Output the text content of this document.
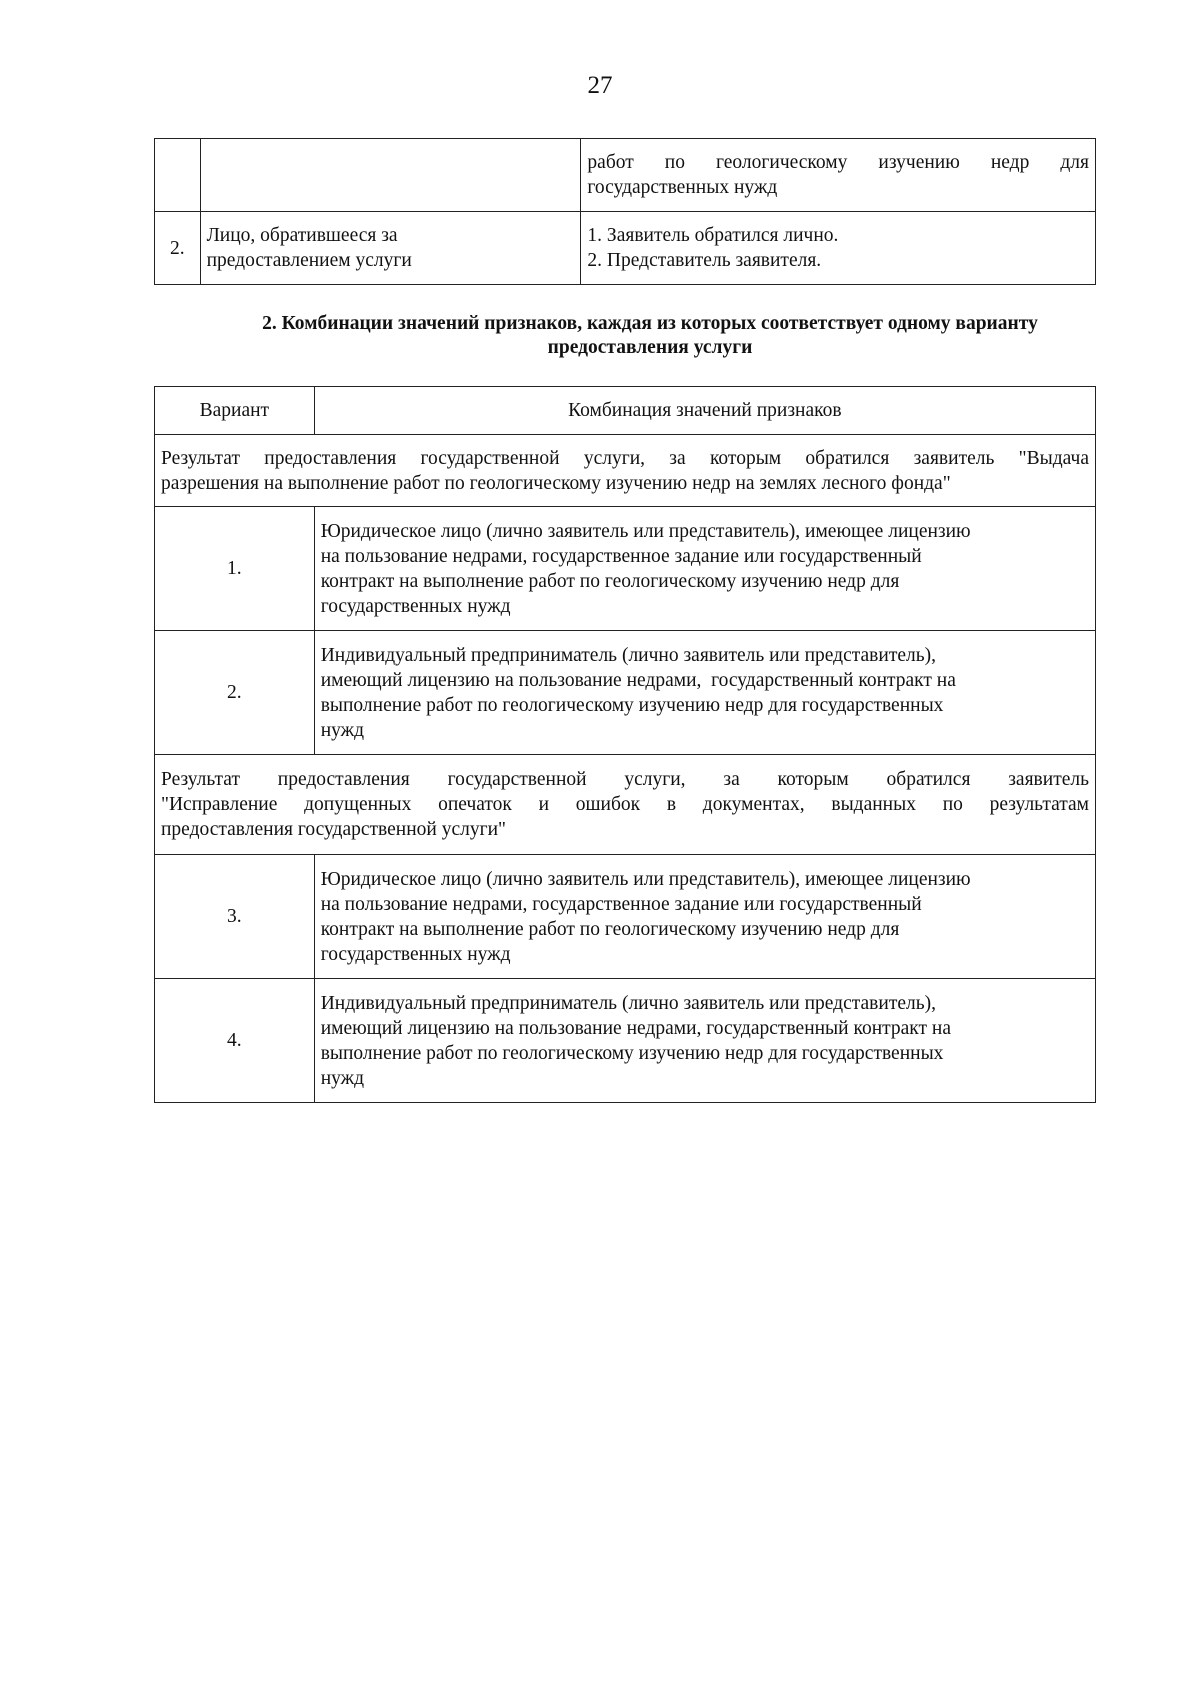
27

		работ по геологическому изучению недр для
государственных нужд

2.	Лицо, обратившееся за
предоставлением услуги	1. Заявитель обратился лично.
2. Представитель заявителя.
2. Комбинации значений признаков, каждая из которых соответствует одному варианту
предоставления услуги
Вариант	Комбинация значений признаков

Результат предоставления государственной услуги, за которым обратился заявитель "Выдача
разрешения на выполнение работ по геологическому изучению недр на землях лесного фонда"	

1.	Юридическое лицо (лично заявитель или представитель), имеющее лицензию
на пользование недрами, государственное задание или государственный
контракт на выполнение работ по геологическому изучению недр для
государственных нужд

2.	Индивидуальный предприниматель (лично заявитель или представитель),
имеющий лицензию на пользование недрами,  государственный контракт на
выполнение работ по геологическому изучению недр для государственных
нужд

Результат предоставления государственной услуги, за которым обратился заявитель
"Исправление допущенных опечаток и ошибок в документах, выданных по результатам
предоставления государственной услуги"	

3.	Юридическое лицо (лично заявитель или представитель), имеющее лицензию
на пользование недрами, государственное задание или государственный
контракт на выполнение работ по геологическому изучению недр для
государственных нужд

4.	Индивидуальный предприниматель (лично заявитель или представитель),
имеющий лицензию на пользование недрами, государственный контракт на
выполнение работ по геологическому изучению недр для государственных
нужд
